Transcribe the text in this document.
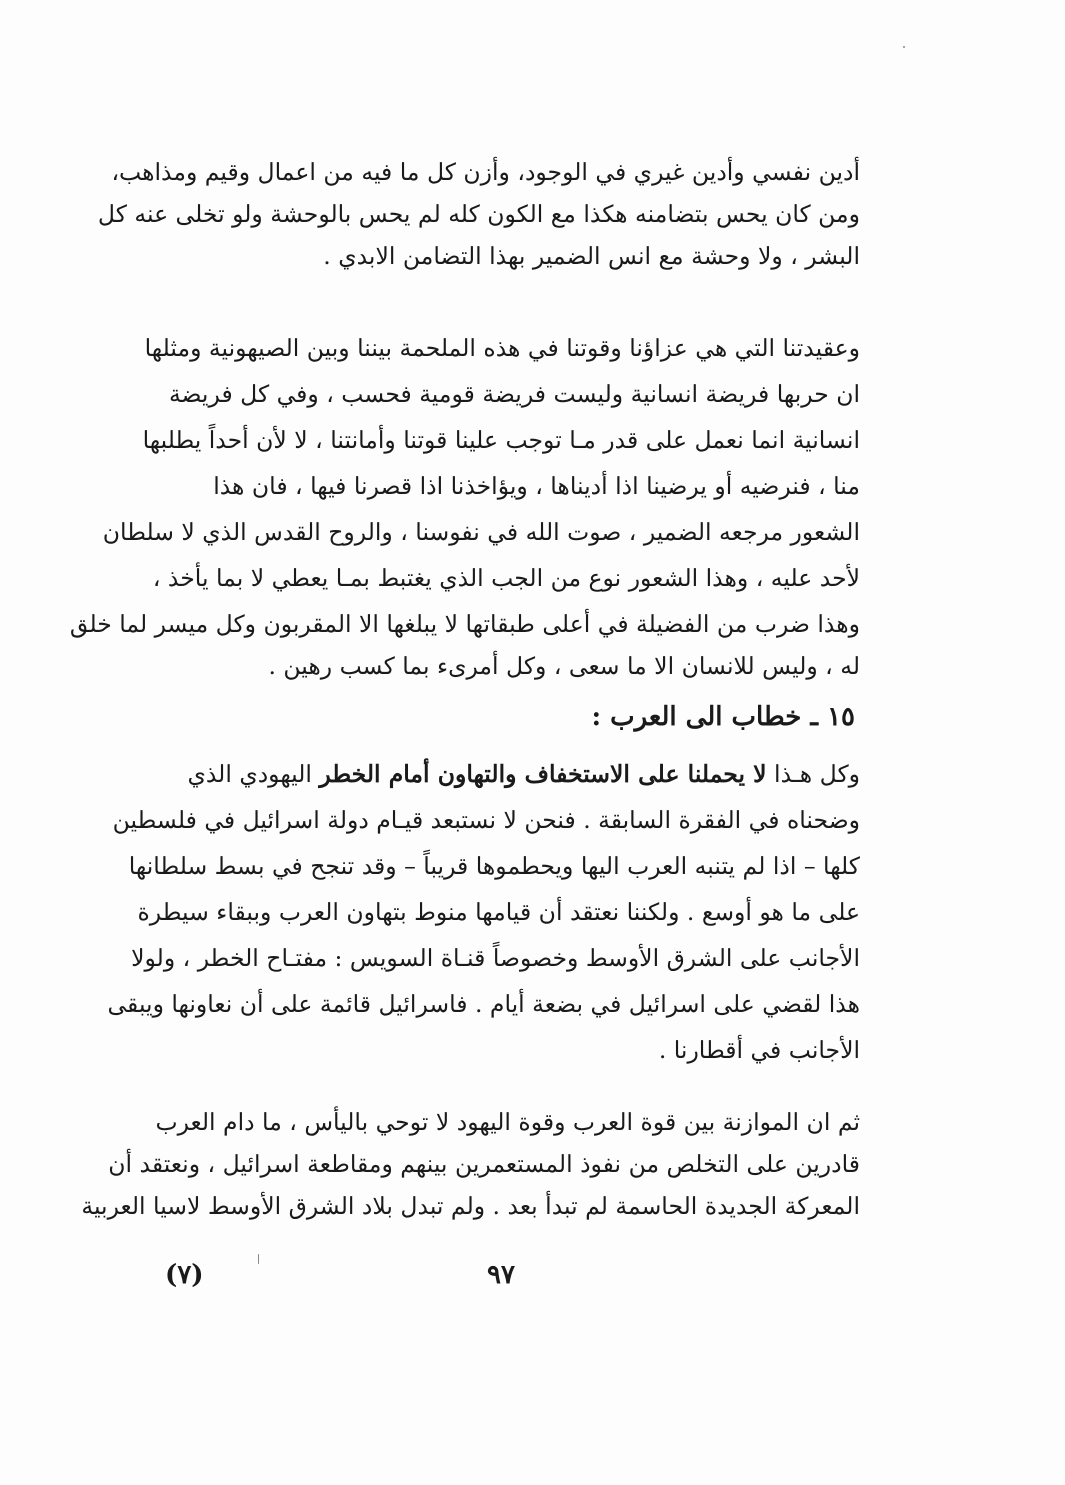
أدين نفسي وأدين غيري في الوجود، وأزن كل ما فيه من اعمال وقيم ومذاهب،
ومن كان يحس بتضامنه هكذا مع الكون كله لم يحس بالوحشة ولو تخلى عنه كل
البشر ، ولا وحشة مع انس الضمير بهذا التضامن الابدي .
وعقيدتنا التي هي عزاؤنا وقوتنا في هذه الملحمة بيننا وبين الصيهونية ومثلها
ان حربها فريضة انسانية وليست فريضة قومية فحسب ، وفي كل فريضة
انسانية انما نعمل على قدر مـا توجب علينا قوتنا وأمانتنا ، لا لأن أحداً يطلبها
منا ، فنرضيه أو يرضينا اذا أديناها ، ويؤاخذنا اذا قصرنا فيها ، فان هذا
الشعور مرجعه الضمير ، صوت الله في نفوسنا ، والروح القدس الذي لا سلطان
لأحد عليه ، وهذا الشعور نوع من الجب الذي يغتبط بمـا يعطي لا بما يأخذ ،
وهذا ضرب من الفضيلة في أعلى طبقاتها لا يبلغها الا المقربون وكل ميسر لما خلق
له ، وليس للانسان الا ما سعى ، وكل أمرىء بما كسب رهين .
١٥ ـ خطاب الى العرب :
وكل هـذا لا يحملنا على الاستخفاف والتهاون أمام الخطر اليهودي الذي
وضحناه في الفقرة السابقة . فنحن لا نستبعد قيـام دولة اسرائيل في فلسطين
كلها – اذا لم يتنبه العرب اليها ويحطموها قريباً – وقد تنجح في بسط سلطانها
على ما هو أوسع . ولكننا نعتقد أن قيامها منوط بتهاون العرب وببقاء سيطرة
الأجانب على الشرق الأوسط وخصوصاً قنـاة السويس : مفتـاح الخطر ، ولولا
هذا لقضي على اسرائيل في بضعة أيام . فاسرائيل قائمة على أن نعاونها ويبقى
الأجانب في أقطارنا .
ثم ان الموازنة بين قوة العرب وقوة اليهود لا توحي باليأس ، ما دام العرب
قادرين على التخلص من نفوذ المستعمرين بينهم ومقاطعة اسرائيل ، ونعتقد أن
المعركة الجديدة الحاسمة لم تبدأ بعد . ولم تبدل بلاد الشرق الأوسط لاسيا العربية
٩٧
(٧)
